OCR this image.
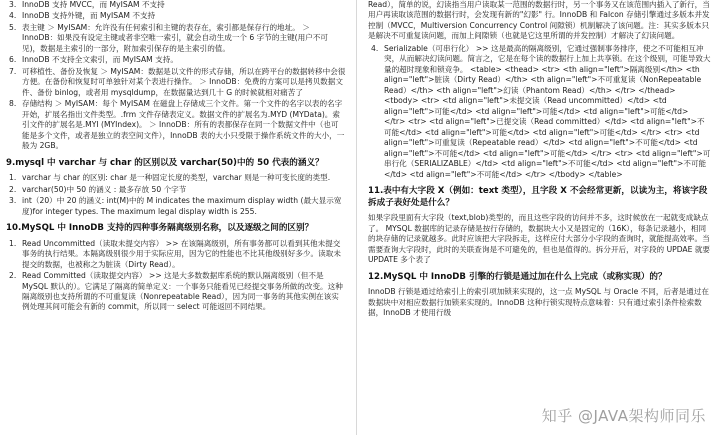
3. InnoDB 支持 MVCC，而 MyISAM 不支持
4. InnoDB 支持外键，而 MyISAM 不支持
5. 表主键 ＞ MyISAM：允许没有任何索引和主键的表存在，索引都是保存行的地址。 ＞ InnoDB：如果没有设定主键或者非空唯一索引，就会自动生成一个 6 字节的主键(用户不可见)，数据是主索引的一部分，附加索引保存的是主索引的值。
6. InnoDB 不支持全文索引，而 MyISAM 支持。
7. 可移植性、备份及恢复 ＞ MyISAM：数据是以文件的形式存储，所以在跨平台的数据转移中会很方便。在备份和恢复时可单独针对某个表进行操作。 ＞ InnoDB：免费的方案可以是拷贝数据文件、备份 binlog，或者用 mysqldump，在数据量达到几十 G 的时候就相对痛苦了
8. 存储结构 ＞ MyISAM：每个 MyISAM 在磁盘上存储成三个文件。第一个文件的名字以表的名字开始，扩展名指出文件类型。.frm 文件存储表定义。数据文件的扩展名为.MYD (MYData)。索引文件的扩展名是.MYI (MYIndex)。 ＞ InnoDB：所有的表都保存在同一个数据文件中（也可能是多个文件，或者是独立的表空间文件），InnoDB 表的大小只受限于操作系统文件的大小，一般为 2GB。
9.mysql 中 varchar 与 char 的区别以及 varchar(50)中的 50 代表的涵义？
1. varchar 与 char 的区别: char 是一种固定长度的类型，varchar 则是一种可变长度的类型.
2. varchar(50)中 50 的涵义 : 最多存放 50 个字节
3. int（20）中 20 的涵义: int(M)中的 M indicates the maximum display width (最大显示宽度)for integer types. The maximum legal display width is 255.
10.MySQL 中 InnoDB 支持的四种事务隔离级别名称，以及逐级之间的区别？
1. Read Uncommitted（读取未提交内容） >> 在该隔离级别，所有事务都可以看到其他未提交事务的执行结果。本隔离级别很少用于实际应用，因为它的性能也不比其他级别好多少。读取未提交的数据，也被称之为脏读（Dirty Read）。
2. Read Committed（读取提交内容） >> 这是大多数数据库系统的默认隔离级别（但不是 MySQL 默认的）。它满足了隔离的简单定义：一个事务只能看见已经提交事务所做的改变。这种隔离级别也支持所谓的不可重复读（Nonrepeatable Read），因为同一事务的其他实例在该实例处理其间可能会有新的 commit，所以同一 select 可能返回不同结果。

Read），简单的说，幻读指当用户读取某一范围的数据行时，另一个事务又在该范围内插入了新行，当用户再读取该范围的数据行时，会发现有新的"幻影" 行。InnoDB 和 Falcon 存储引擎通过多版本并发控制（MVCC，Multiversion Concurrency Control 间隙锁）机制解决了该问题。注：其实多版本只是解决不可重复读问题，而加上间隙锁（也就是它这里所谓的并发控制）才解决了幻读问题。

4. Serializable（可串行化） >> 这是最高的隔离级别，它通过强制事务排序，使之不可能相互冲突，从而解决幻读问题。简言之，它是在每个读的数据行上加上共享锁。在这个级别，可能导致大量的超时现象和锁竞争。 <table> <thead> <tr> <th align="left">隔离级别</th> <th align="left">脏读（Dirty Read）</th> <th align="left">不可重复读（NonRepeatable Read）</th> <th align="left">幻读（Phantom Read）</th> </tr> </thead> <tbody> <tr> <td align="left">未提交读（Read uncommitted）</td> <td align="left">可能</td> <td align="left">可能</td> <td align="left">可能</td> </tr> <tr> <td align="left">已提交读（Read committed）</td> <td align="left">不可能</td> <td align="left">可能</td> <td align="left">可能</td> </tr> <tr> <td align="left">可重复读（Repeatable read）</td> <td align="left">不可能</td> <td align="left">不可能</td> <td align="left">可能</td> </tr> <tr> <td align="left">可串行化（SERIALIZABLE）</td> <td align="left">不可能</td> <td align="left">不可能</td> <td align="left">不可能</td> </tr> </tbody> </table>
11.表中有大字段 X（例如：text 类型），且字段 X 不会经常更新，以读为主，将该字段拆成子表好处是什么？

如果字段里面有大字段（text,blob)类型的，而且这些字段的访问并不多，这时候放在一起就变成缺点了。 MYSQL 数据库的记录存储是按行存储的，数据块大小又是固定的（16K），每条记录越小，相同的块存储的记录就越多。此时应该把大字段拆走，这样应付大部分小字段的查询时，就能提高效率。当需要查询大字段时，此时的关联查询是不可避免的，但也是值得的。拆分开后，对字段的 UPDAE 就要 UPDATE 多个表了

12.MySQL 中 InnoDB 引擎的行锁是通过加在什么上完成（或称实现）的？

InnoDB 行锁是通过给索引上的索引项加锁来实现的，这一点 MySQL 与 Oracle 不同，后者是通过在数据块中对相应数据行加锁来实现的。InnoDB 这种行锁实现特点意味着：只有通过索引条件检索数据，InnoDB 才使用行级

知乎 @JAVA架构师同乐
